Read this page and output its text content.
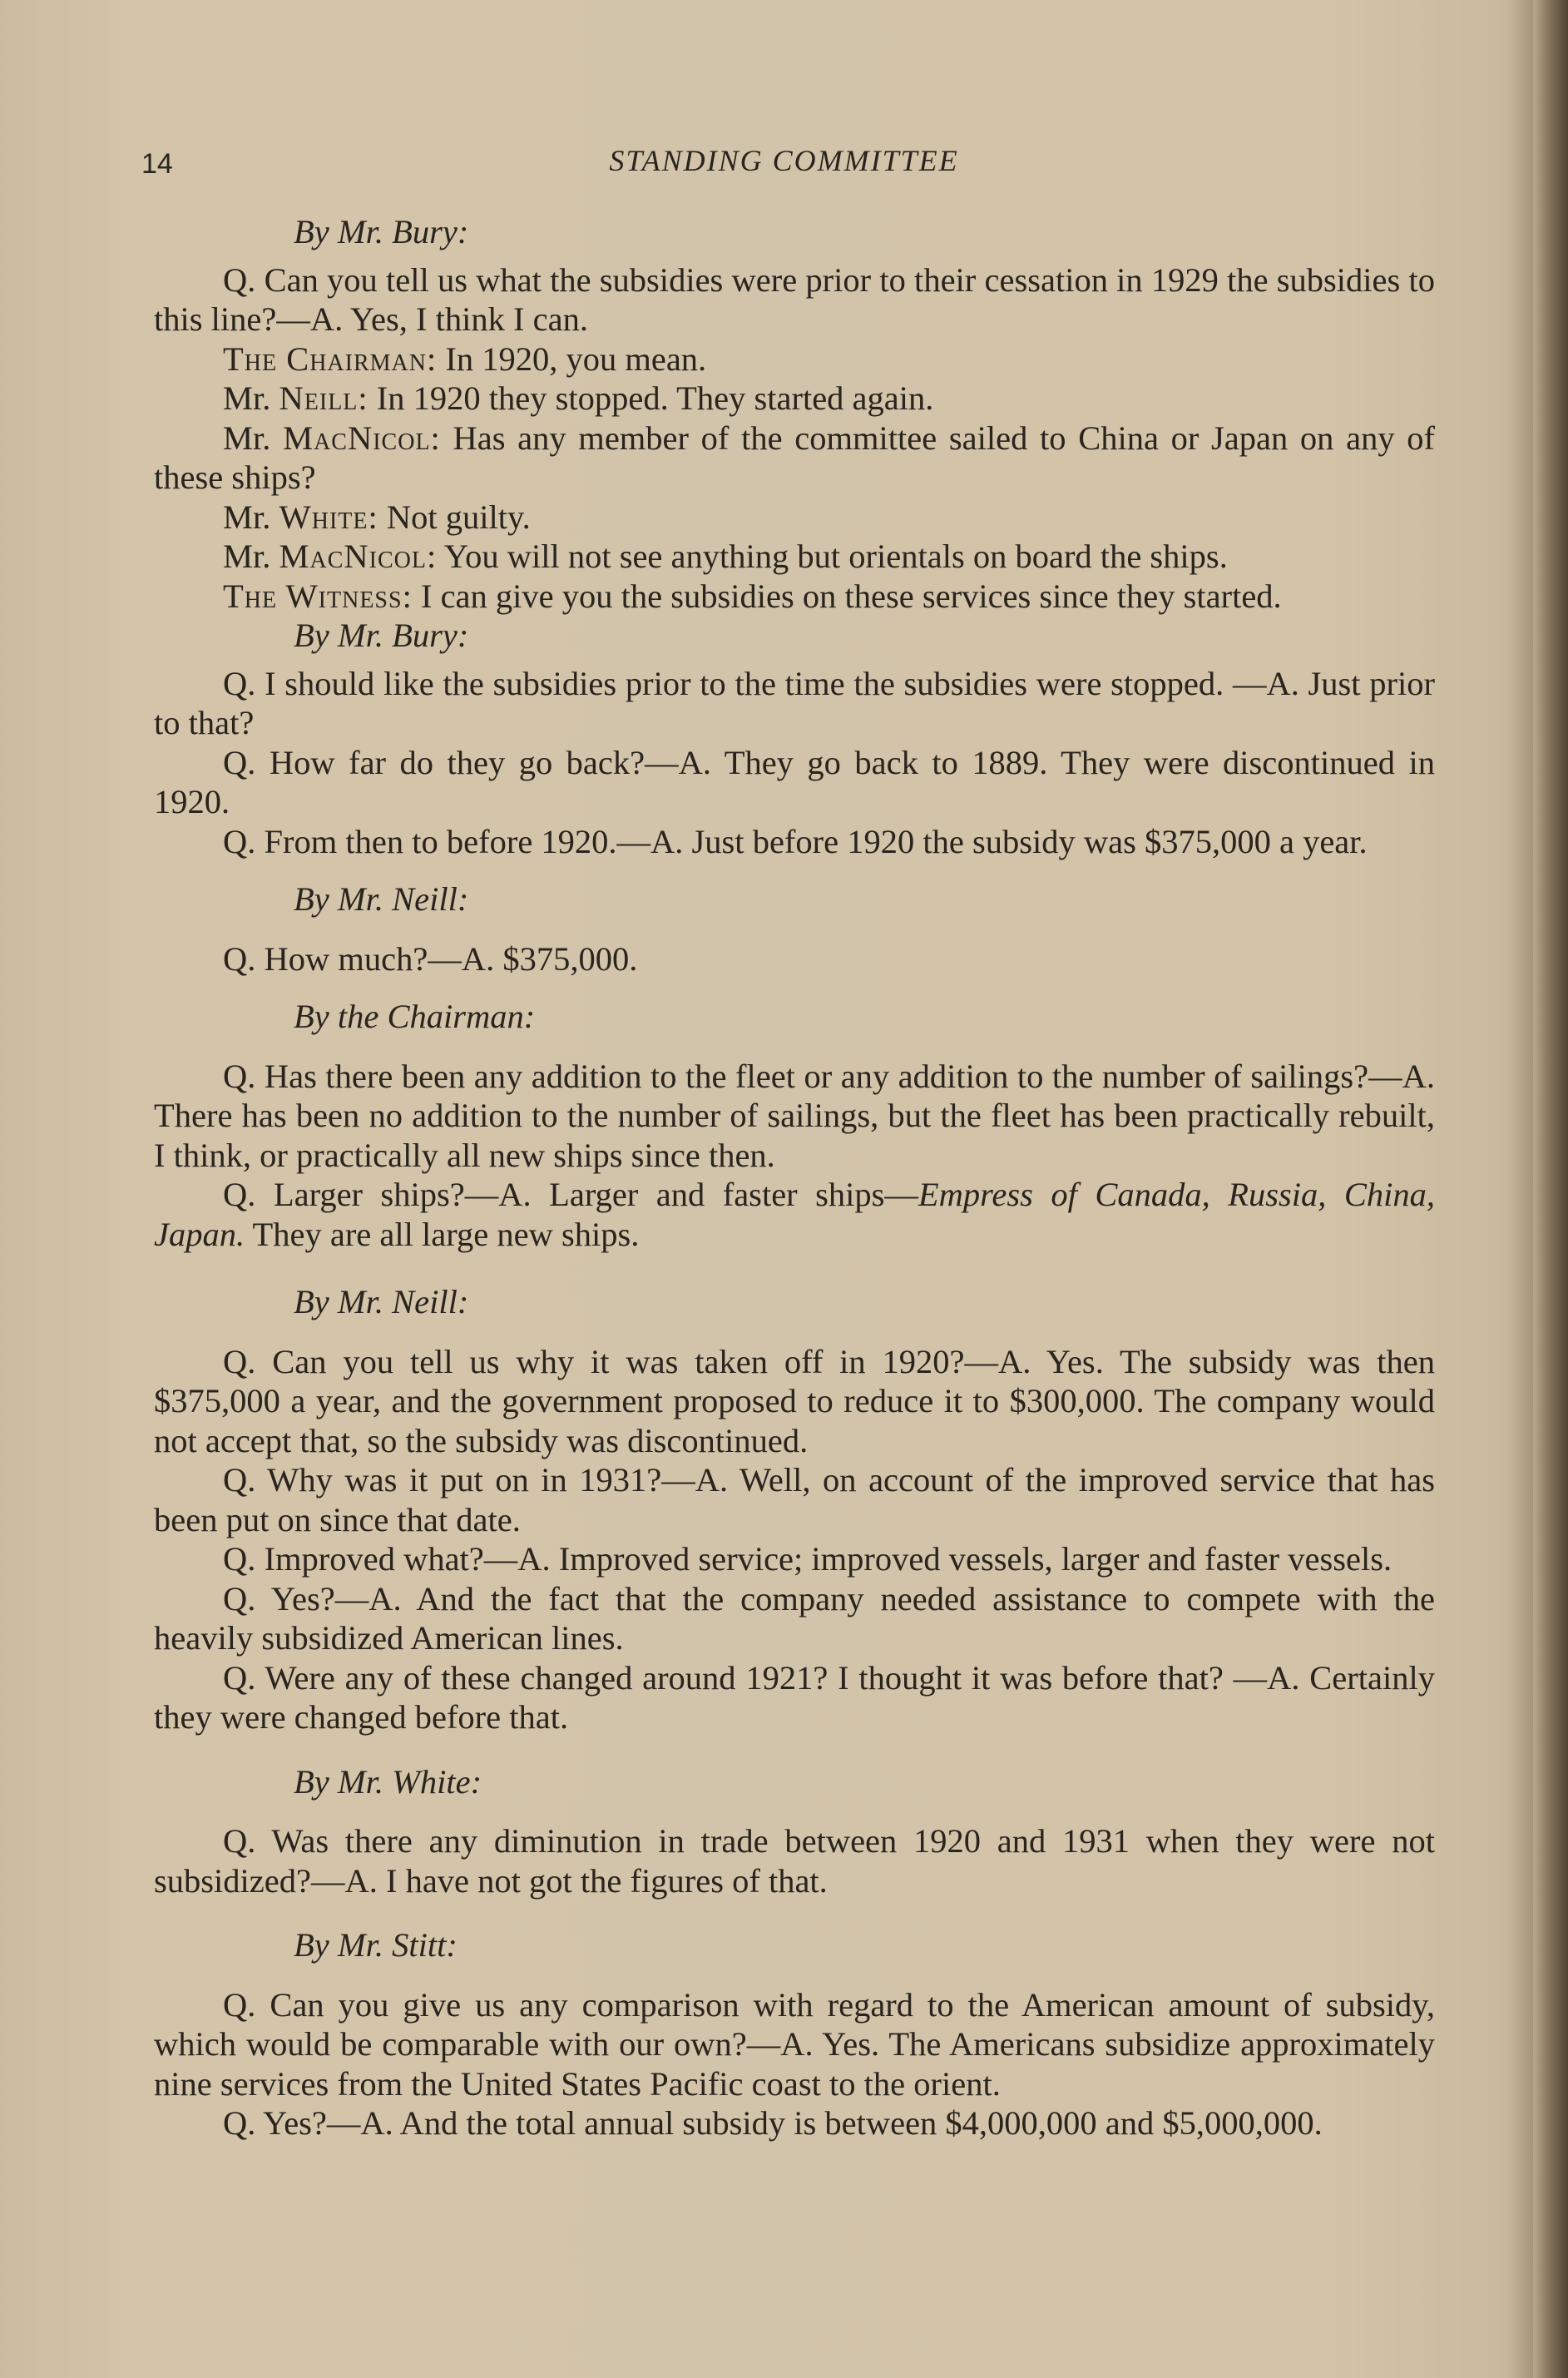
14	STANDING COMMITTEE

By Mr. Bury:

Q. Can you tell us what the subsidies were prior to their cessation in 1929 the subsidies to this line?—A. Yes, I think I can.

The Chairman: In 1920, you mean.

Mr. Neill: In 1920 they stopped. They started again.

Mr. MacNicol: Has any member of the committee sailed to China or Japan on any of these ships?

Mr. White: Not guilty.

Mr. MacNicol: You will not see anything but orientals on board the ships.

The Witness: I can give you the subsidies on these services since they started.

By Mr. Bury:

Q. I should like the subsidies prior to the time the subsidies were stopped. —A. Just prior to that?

Q. How far do they go back?—A. They go back to 1889. They were discontinued in 1920.

Q. From then to before 1920.—A. Just before 1920 the subsidy was $375,000 a year.

By Mr. Neill:

Q. How much?—A. $375,000.

By the Chairman:

Q. Has there been any addition to the fleet or any addition to the number of sailings?—A. There has been no addition to the number of sailings, but the fleet has been practically rebuilt, I think, or practically all new ships since then.

Q. Larger ships?—A. Larger and faster ships—Empress of Canada, Russia, China, Japan. They are all large new ships.

By Mr. Neill:

Q. Can you tell us why it was taken off in 1920?—A. Yes. The subsidy was then $375,000 a year, and the government proposed to reduce it to $300,000. The company would not accept that, so the subsidy was discontinued.

Q. Why was it put on in 1931?—A. Well, on account of the improved service that has been put on since that date.

Q. Improved what?—A. Improved service; improved vessels, larger and faster vessels.

Q. Yes?—A. And the fact that the company needed assistance to compete with the heavily subsidized American lines.

Q. Were any of these changed around 1921? I thought it was before that? —A. Certainly they were changed before that.

By Mr. White:

Q. Was there any diminution in trade between 1920 and 1931 when they were not subsidized?—A. I have not got the figures of that.

By Mr. Stitt:

Q. Can you give us any comparison with regard to the American amount of subsidy, which would be comparable with our own?—A. Yes. The Americans subsidize approximately nine services from the United States Pacific coast to the orient.

Q. Yes?—A. And the total annual subsidy is between $4,000,000 and $5,000,000.
